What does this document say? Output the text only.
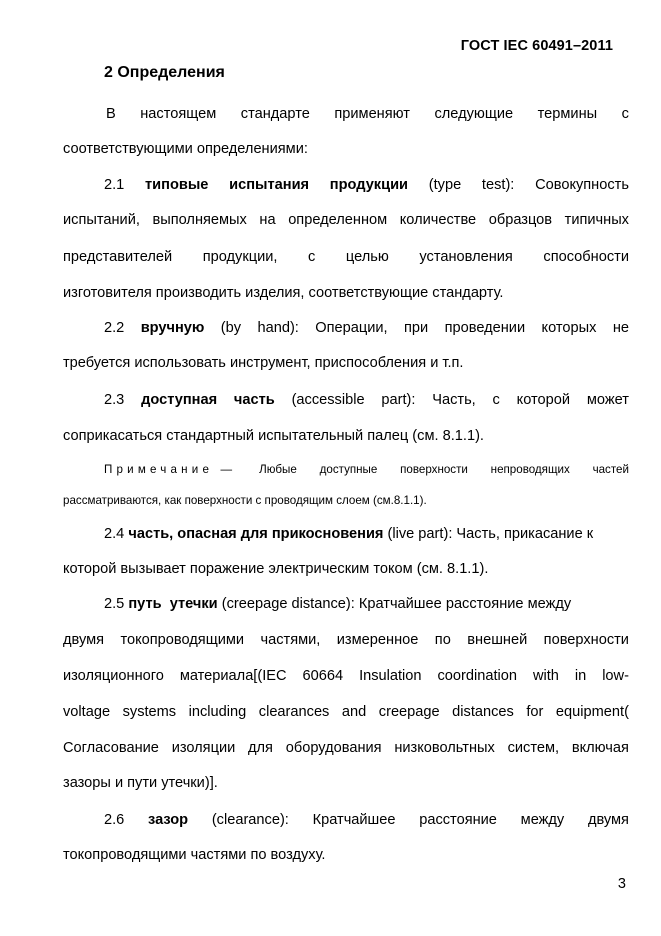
ГОСТ IEC 60491–2011
2 Определения
В настоящем стандарте применяют следующие термины с
соответствующими определениями:
2.1 типовые испытания продукции (type test): Совокупность
испытаний, выполняемых на определенном количестве образцов типичных
представителей продукции, с целью установления способности
изготовителя производить изделия, соответствующие стандарту.
2.2 вручную (by hand): Операции, при проведении которых не
требуется использовать инструмент, приспособления и т.п.
2.3 доступная часть (accessible part): Часть, с которой может
соприкасаться стандартный испытательный палец (см. 8.1.1).
Примечание — Любые доступные поверхности непроводящих частей
рассматриваются, как поверхности с проводящим слоем (см.8.1.1).
2.4 часть, опасная для прикосновения (live part): Часть, прикасание к
которой вызывает поражение электрическим током (см. 8.1.1).
2.5 путь утечки (creepage distance): Кратчайшее расстояние между
двумя токопроводящими частями, измеренное по внешней поверхности
изоляционного материала[(IEC 60664 Insulation coordination with in low-
voltage systems including clearances and creepage distances for equipment(
Согласование изоляции для оборудования низковольтных систем, включая
зазоры и пути утечки)].
2.6 зазор (clearance): Кратчайшее расстояние между двумя
токопроводящими частями по воздуху.
3
